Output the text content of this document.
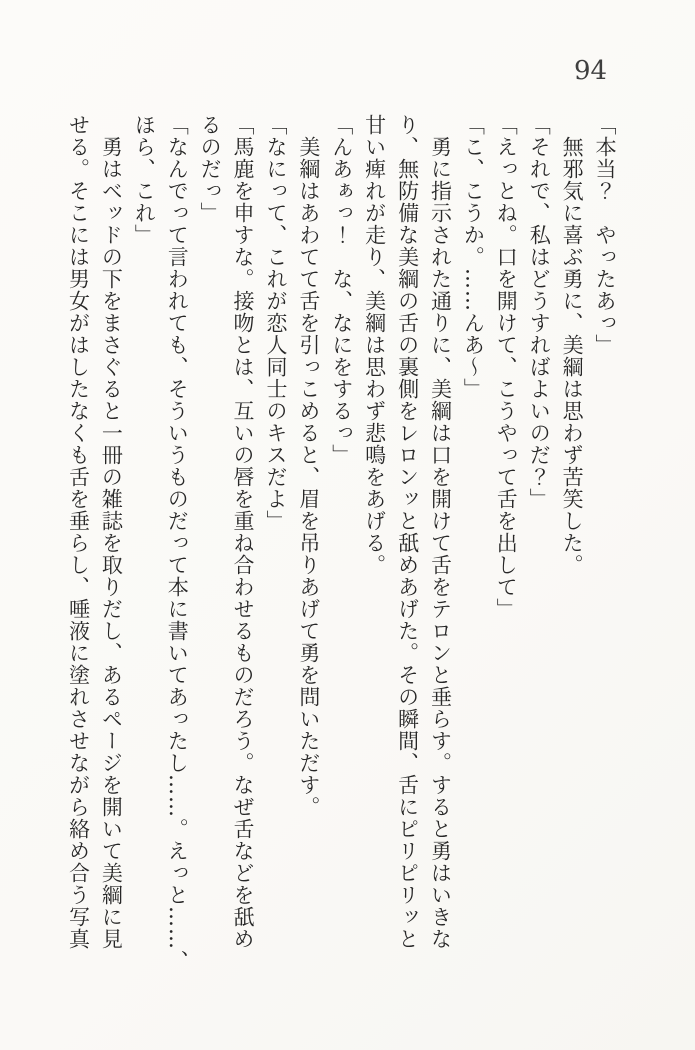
94
「本当？　やったあっ」
無邪気に喜ぶ勇に、美綱は思わず苦笑した。
「それで、私はどうすればよいのだ？」
「えっとね。口を開けて、こうやって舌を出して」
「こ、こうか。……んあ～」
勇に指示された通りに、美綱は口を開けて舌をテロンと垂らす。すると勇はいきな
り、無防備な美綱の舌の裏側をレロンッと舐めあげた。その瞬間、舌にピリピリッと
甘い痺れが走り、美綱は思わず悲鳴をあげる。
「んあぁっ！　な、なにをするっ」
美綱はあわてて舌を引っこめると、眉を吊りあげて勇を問いただす。
「なにって、これが恋人同士のキスだよ」
「馬鹿を申すな。接吻とは、互いの唇を重ね合わせるものだろう。なぜ舌などを舐め
るのだっ」
「なんでって言われても、そういうものだって本に書いてあったし……。えっと……、
ほら、これ」
勇はベッドの下をまさぐると一冊の雑誌を取りだし、あるページを開いて美綱に見
せる。そこには男女がはしたなくも舌を垂らし、唾液に塗れさせながら絡め合う写真
